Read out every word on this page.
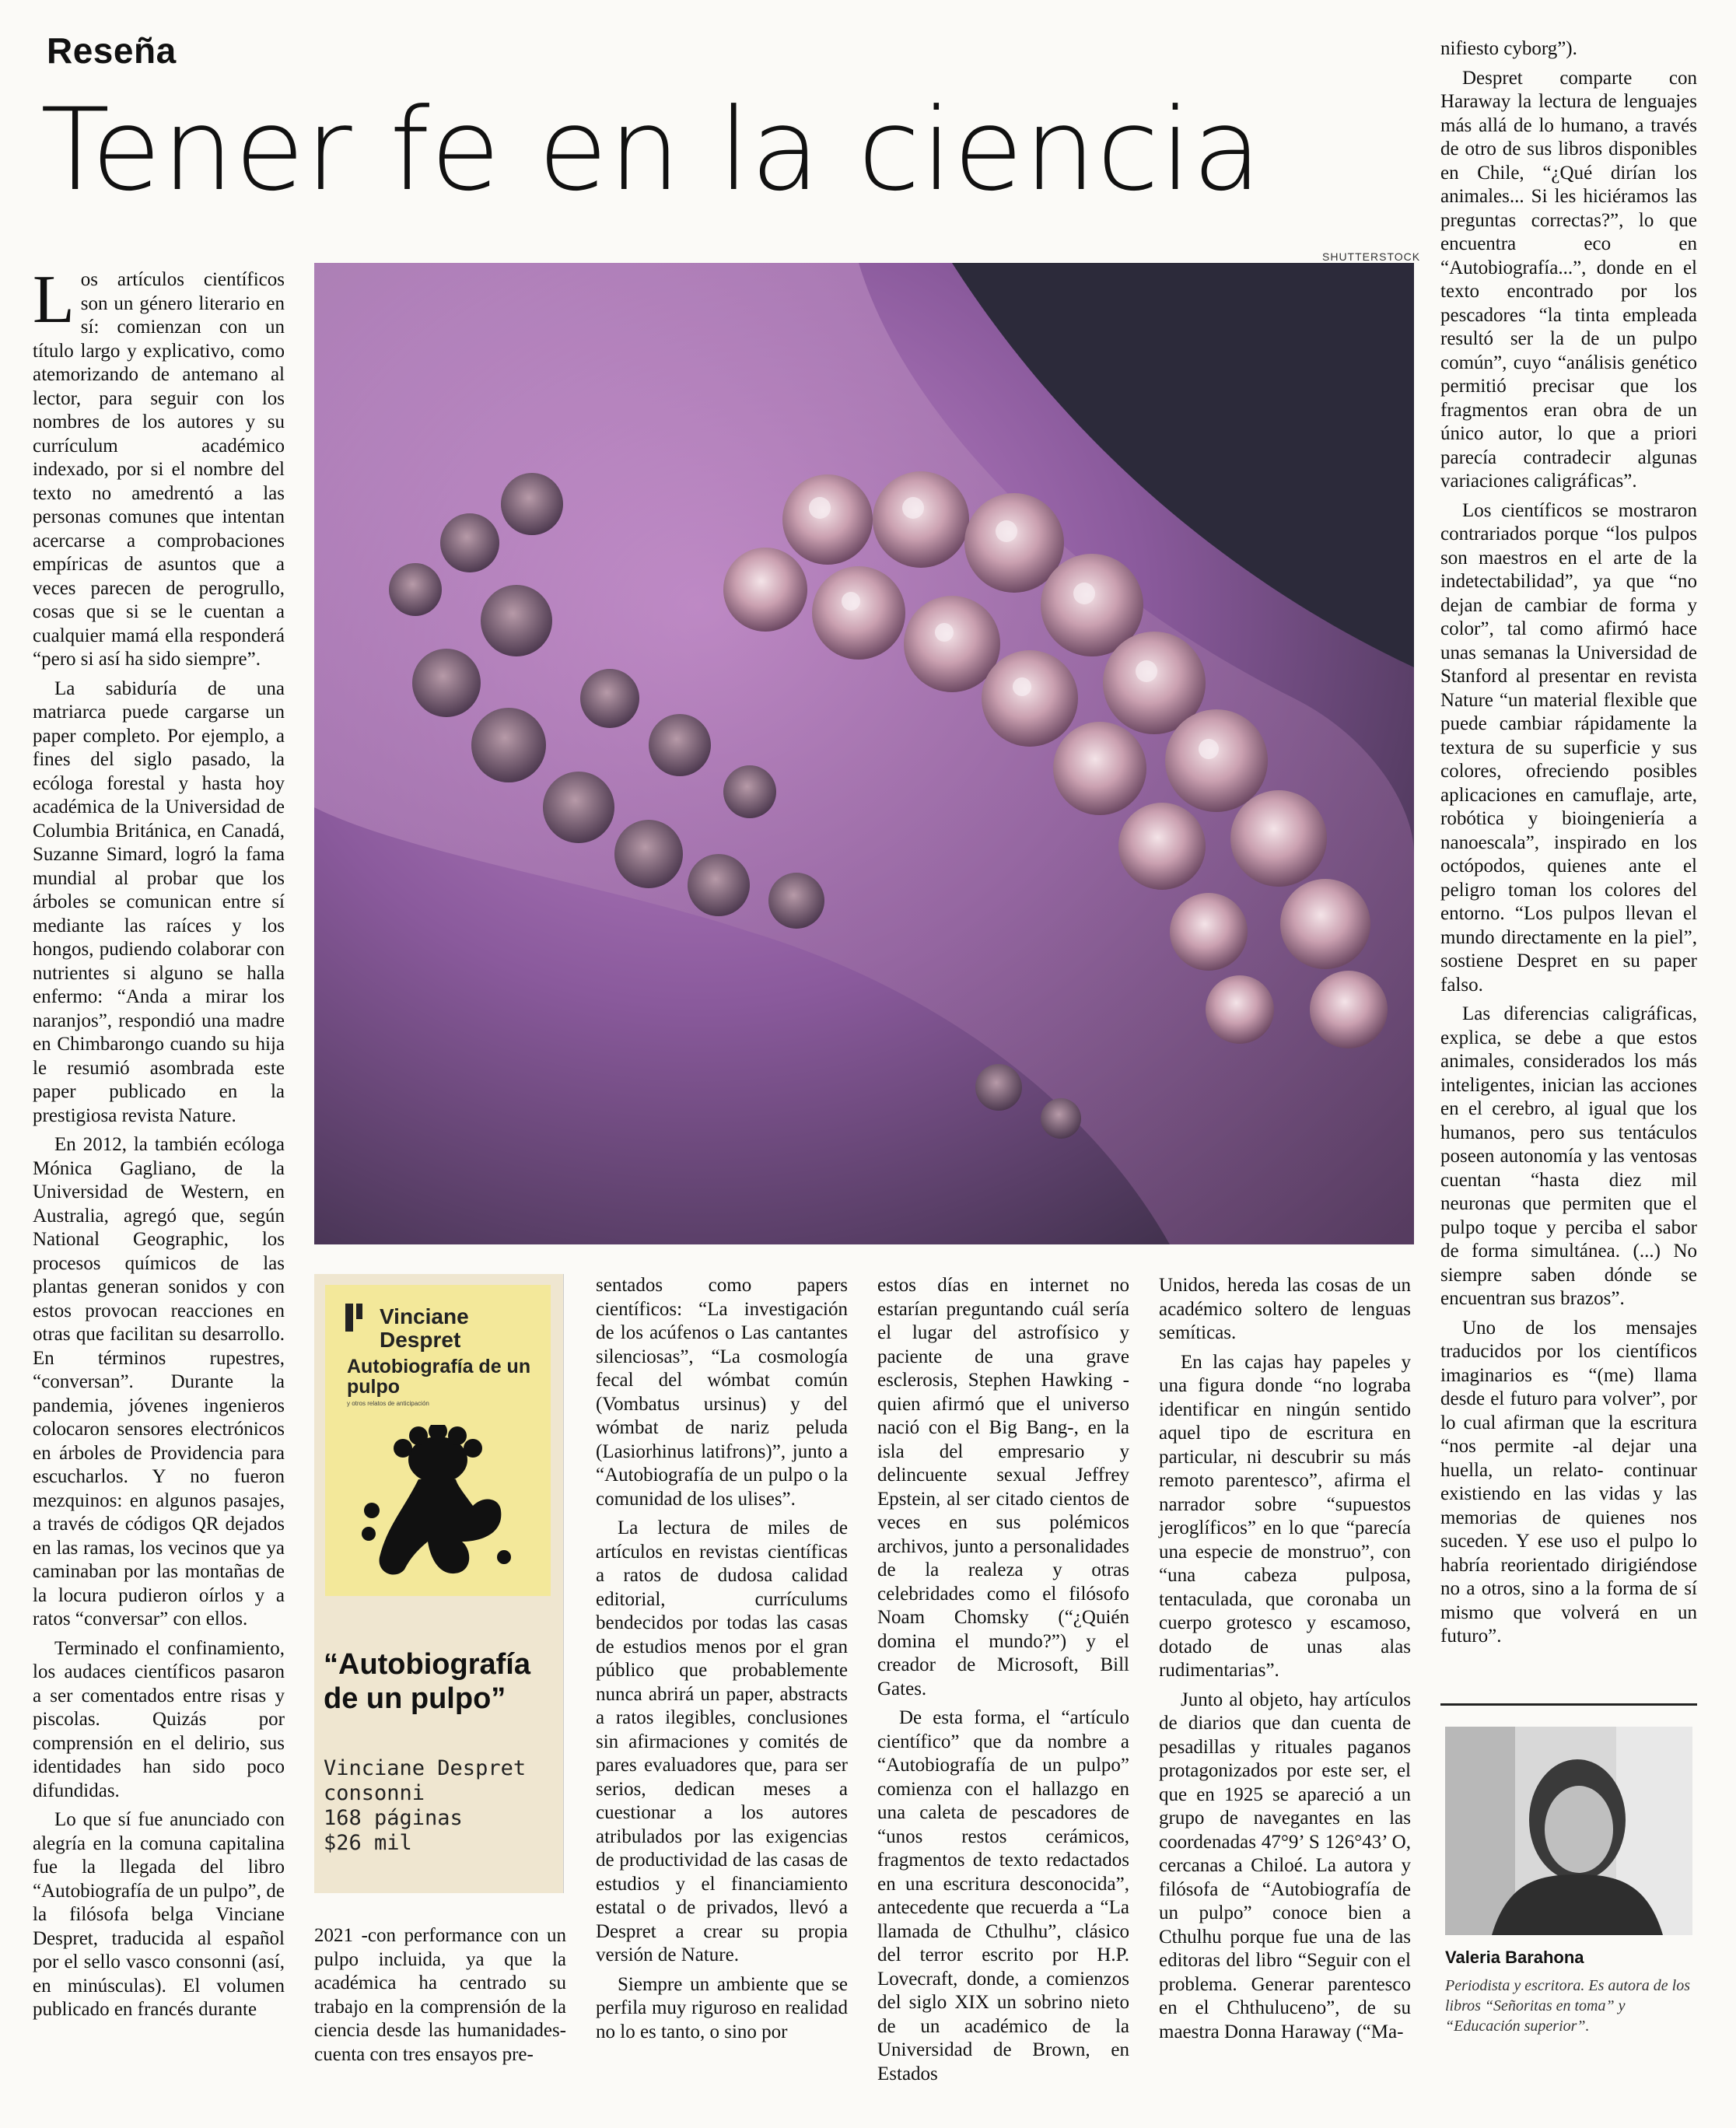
Reseña
Tener fe en la ciencia

Los artículos científicos son un género literario en sí: comienzan con un título largo y explicativo, como atemorizando de antemano al lector, para seguir con los nombres de los autores y su currículum académico indexado, por si el nombre del texto no amedrentó a las personas comunes que intentan acercarse a comprobaciones empíricas de asuntos que a veces parecen de perogrullo, cosas que si se le cuentan a cualquier mamá ella responderá “pero si así ha sido siempre”.

La sabiduría de una matriarca puede cargarse un paper completo. Por ejemplo, a fines del siglo pasado, la ecóloga forestal y hasta hoy académica de la Universidad de Columbia Británica, en Canadá, Suzanne Simard, logró la fama mundial al probar que los árboles se comunican entre sí mediante las raíces y los hongos, pudiendo colaborar con nutrientes si alguno se halla enfermo: “Anda a mirar los naranjos”, respondió una madre en Chimbarongo cuando su hija le resumió asombrada este paper publicado en la prestigiosa revista Nature.

En 2012, la también ecóloga Mónica Gagliano, de la Universidad de Western, en Australia, agregó que, según National Geographic, los procesos químicos de las plantas generan sonidos y con estos provocan reacciones en otras que facilitan su desarrollo. En términos rupestres, “conversan”. Durante la pandemia, jóvenes ingenieros colocaron sensores electrónicos en árboles de Providencia para escucharlos. Y no fueron mezquinos: en algunos pasajes, a través de códigos QR dejados en las ramas, los vecinos que ya caminaban por las montañas de la locura pudieron oírlos y a ratos “conversar” con ellos.

Terminado el confinamiento, los audaces científicos pasaron a ser comentados entre risas y piscolas. Quizás por comprensión en el delirio, sus identidades han sido poco difundidas.

Lo que sí fue anunciado con alegría en la comuna capitalina fue la llegada del libro “Autobiografía de un pulpo”, de la filósofa belga Vinciane Despret, traducida al español por el sello vasco consonni (así, en minúsculas). El volumen publicado en francés durante

SHUTTERSTOCK
Vinciane Despret
Autobiografía de un pulpo
y otros relatos de anticipación
“Autobiografía de un pulpo”
Vinciane Despret
consonni
168 páginas
$26 mil

2021 -con performance con un pulpo incluida, ya que la académica ha centrado su trabajo en la comprensión de la ciencia desde las humanidades- cuenta con tres ensayos pre-

sentados como papers científicos: “La investigación de los acúfenos o Las cantantes silenciosas”, “La cosmología fecal del wómbat común (Vombatus ursinus) y del wómbat de nariz peluda (Lasiorhinus latifrons)”, junto a “Autobiografía de un pulpo o la comunidad de los ulises”.

La lectura de miles de artículos en revistas científicas a ratos de dudosa calidad editorial, currículums bendecidos por todas las casas de estudios menos por el gran público que probablemente nunca abrirá un paper, abstracts a ratos ilegibles, conclusiones sin afirmaciones y comités de pares evaluadores que, para ser serios, dedican meses a cuestionar a los autores atribulados por las exigencias de productividad de las casas de estudios y el financiamiento estatal o de privados, llevó a Despret a crear su propia versión de Nature.

Siempre un ambiente que se perfila muy riguroso en realidad no lo es tanto, o sino por

estos días en internet no estarían preguntando cuál sería el lugar del astrofísico y paciente de una grave esclerosis, Stephen Hawking -quien afirmó que el universo nació con el Big Bang-, en la isla del empresario y delincuente sexual Jeffrey Epstein, al ser citado cientos de veces en sus polémicos archivos, junto a personalidades de la realeza y otras celebridades como el filósofo Noam Chomsky (“¿Quién domina el mundo?”) y el creador de Microsoft, Bill Gates.

De esta forma, el “artículo científico” que da nombre a “Autobiografía de un pulpo” comienza con el hallazgo en una caleta de pescadores de “unos restos cerámicos, fragmentos de texto redactados en una escritura desconocida”, antecedente que recuerda a “La llamada de Cthulhu”, clásico del terror escrito por H.P. Lovecraft, donde, a comienzos del siglo XIX un sobrino nieto de un académico de la Universidad de Brown, en Estados

Unidos, hereda las cosas de un académico soltero de lenguas semíticas.

En las cajas hay papeles y una figura donde “no lograba identificar en ningún sentido aquel tipo de escritura en particular, ni descubrir su más remoto parentesco”, afirma el narrador sobre “supuestos jeroglíficos” en lo que “parecía una especie de monstruo”, con “una cabeza pulposa, tentaculada, que coronaba un cuerpo grotesco y escamoso, dotado de unas alas rudimentarias”.

Junto al objeto, hay artículos de diarios que dan cuenta de pesadillas y rituales paganos protagonizados por este ser, el que en 1925 se apareció a un grupo de navegantes en las coordenadas 47°9’ S 126°43’ O, cercanas a Chiloé. La autora y filósofa de “Autobiografía de un pulpo” conoce bien a Cthulhu porque fue una de las editoras del libro “Seguir con el problema. Generar parentesco en el Chthuluceno”, de su maestra Donna Haraway (“Ma-

nifiesto cyborg”).

Despret comparte con Haraway la lectura de lenguajes más allá de lo humano, a través de otro de sus libros disponibles en Chile, “¿Qué dirían los animales... Si les hiciéramos las preguntas correctas?”, lo que encuentra eco en “Autobiografía...”, donde en el texto encontrado por los pescadores “la tinta empleada resultó ser la de un pulpo común”, cuyo “análisis genético permitió precisar que los fragmentos eran obra de un único autor, lo que a priori parecía contradecir algunas variaciones caligráficas”.

Los científicos se mostraron contrariados porque “los pulpos son maestros en el arte de la indetectabilidad”, ya que “no dejan de cambiar de forma y color”, tal como afirmó hace unas semanas la Universidad de Stanford al presentar en revista Nature “un material flexible que puede cambiar rápidamente la textura de su superficie y sus colores, ofreciendo posibles aplicaciones en camuflaje, arte, robótica y bioingeniería a nanoescala”, inspirado en los octópodos, quienes ante el peligro toman los colores del entorno. “Los pulpos llevan el mundo directamente en la piel”, sostiene Despret en su paper falso.

Las diferencias caligráficas, explica, se debe a que estos animales, considerados los más inteligentes, inician las acciones en el cerebro, al igual que los humanos, pero sus tentáculos poseen autonomía y las ventosas cuentan “hasta diez mil neuronas que permiten que el pulpo toque y perciba el sabor de forma simultánea. (...) No siempre saben dónde se encuentran sus brazos”.

Uno de los mensajes traducidos por los científicos imaginarios es “(me) llama desde el futuro para volver”, por lo cual afirman que la escritura “nos permite -al dejar una huella, un relato- continuar existiendo en las vidas y las memorias de quienes nos suceden. Y ese uso el pulpo lo habría reorientado dirigiéndose no a otros, sino a la forma de sí mismo que volverá en un futuro”.

Valeria Barahona
Periodista y escritora. Es autora de los libros “Señoritas en toma” y “Educación superior”.
